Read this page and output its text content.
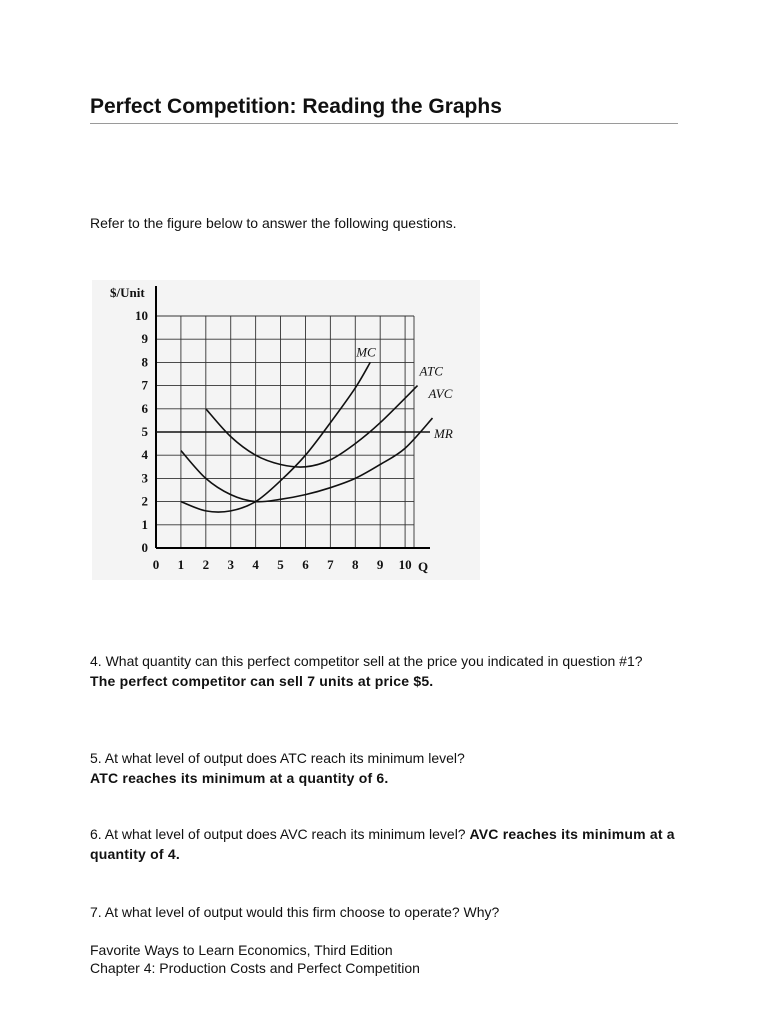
Perfect Competition: Reading the Graphs
Refer to the figure below to answer the following questions.
0 1 2 3 4 5 6 7 8 9 10
0
1
2
3
4
5
6
7
8
9
10
MC
ATC
AVC
MR
$/Unit
Q
4. What quantity can this perfect competitor sell at the price you indicated in question #1?
The perfect competitor can sell 7 units at price $5.
5. At what level of output does ATC reach its minimum level?
ATC reaches its minimum at a quantity of 6.
6. At what level of output does AVC reach its minimum level? AVC reaches its minimum at a quantity of 4.
7. At what level of output would this firm choose to operate? Why?
Favorite Ways to Learn Economics, Third Edition
Chapter 4: Production Costs and Perfect Competition
